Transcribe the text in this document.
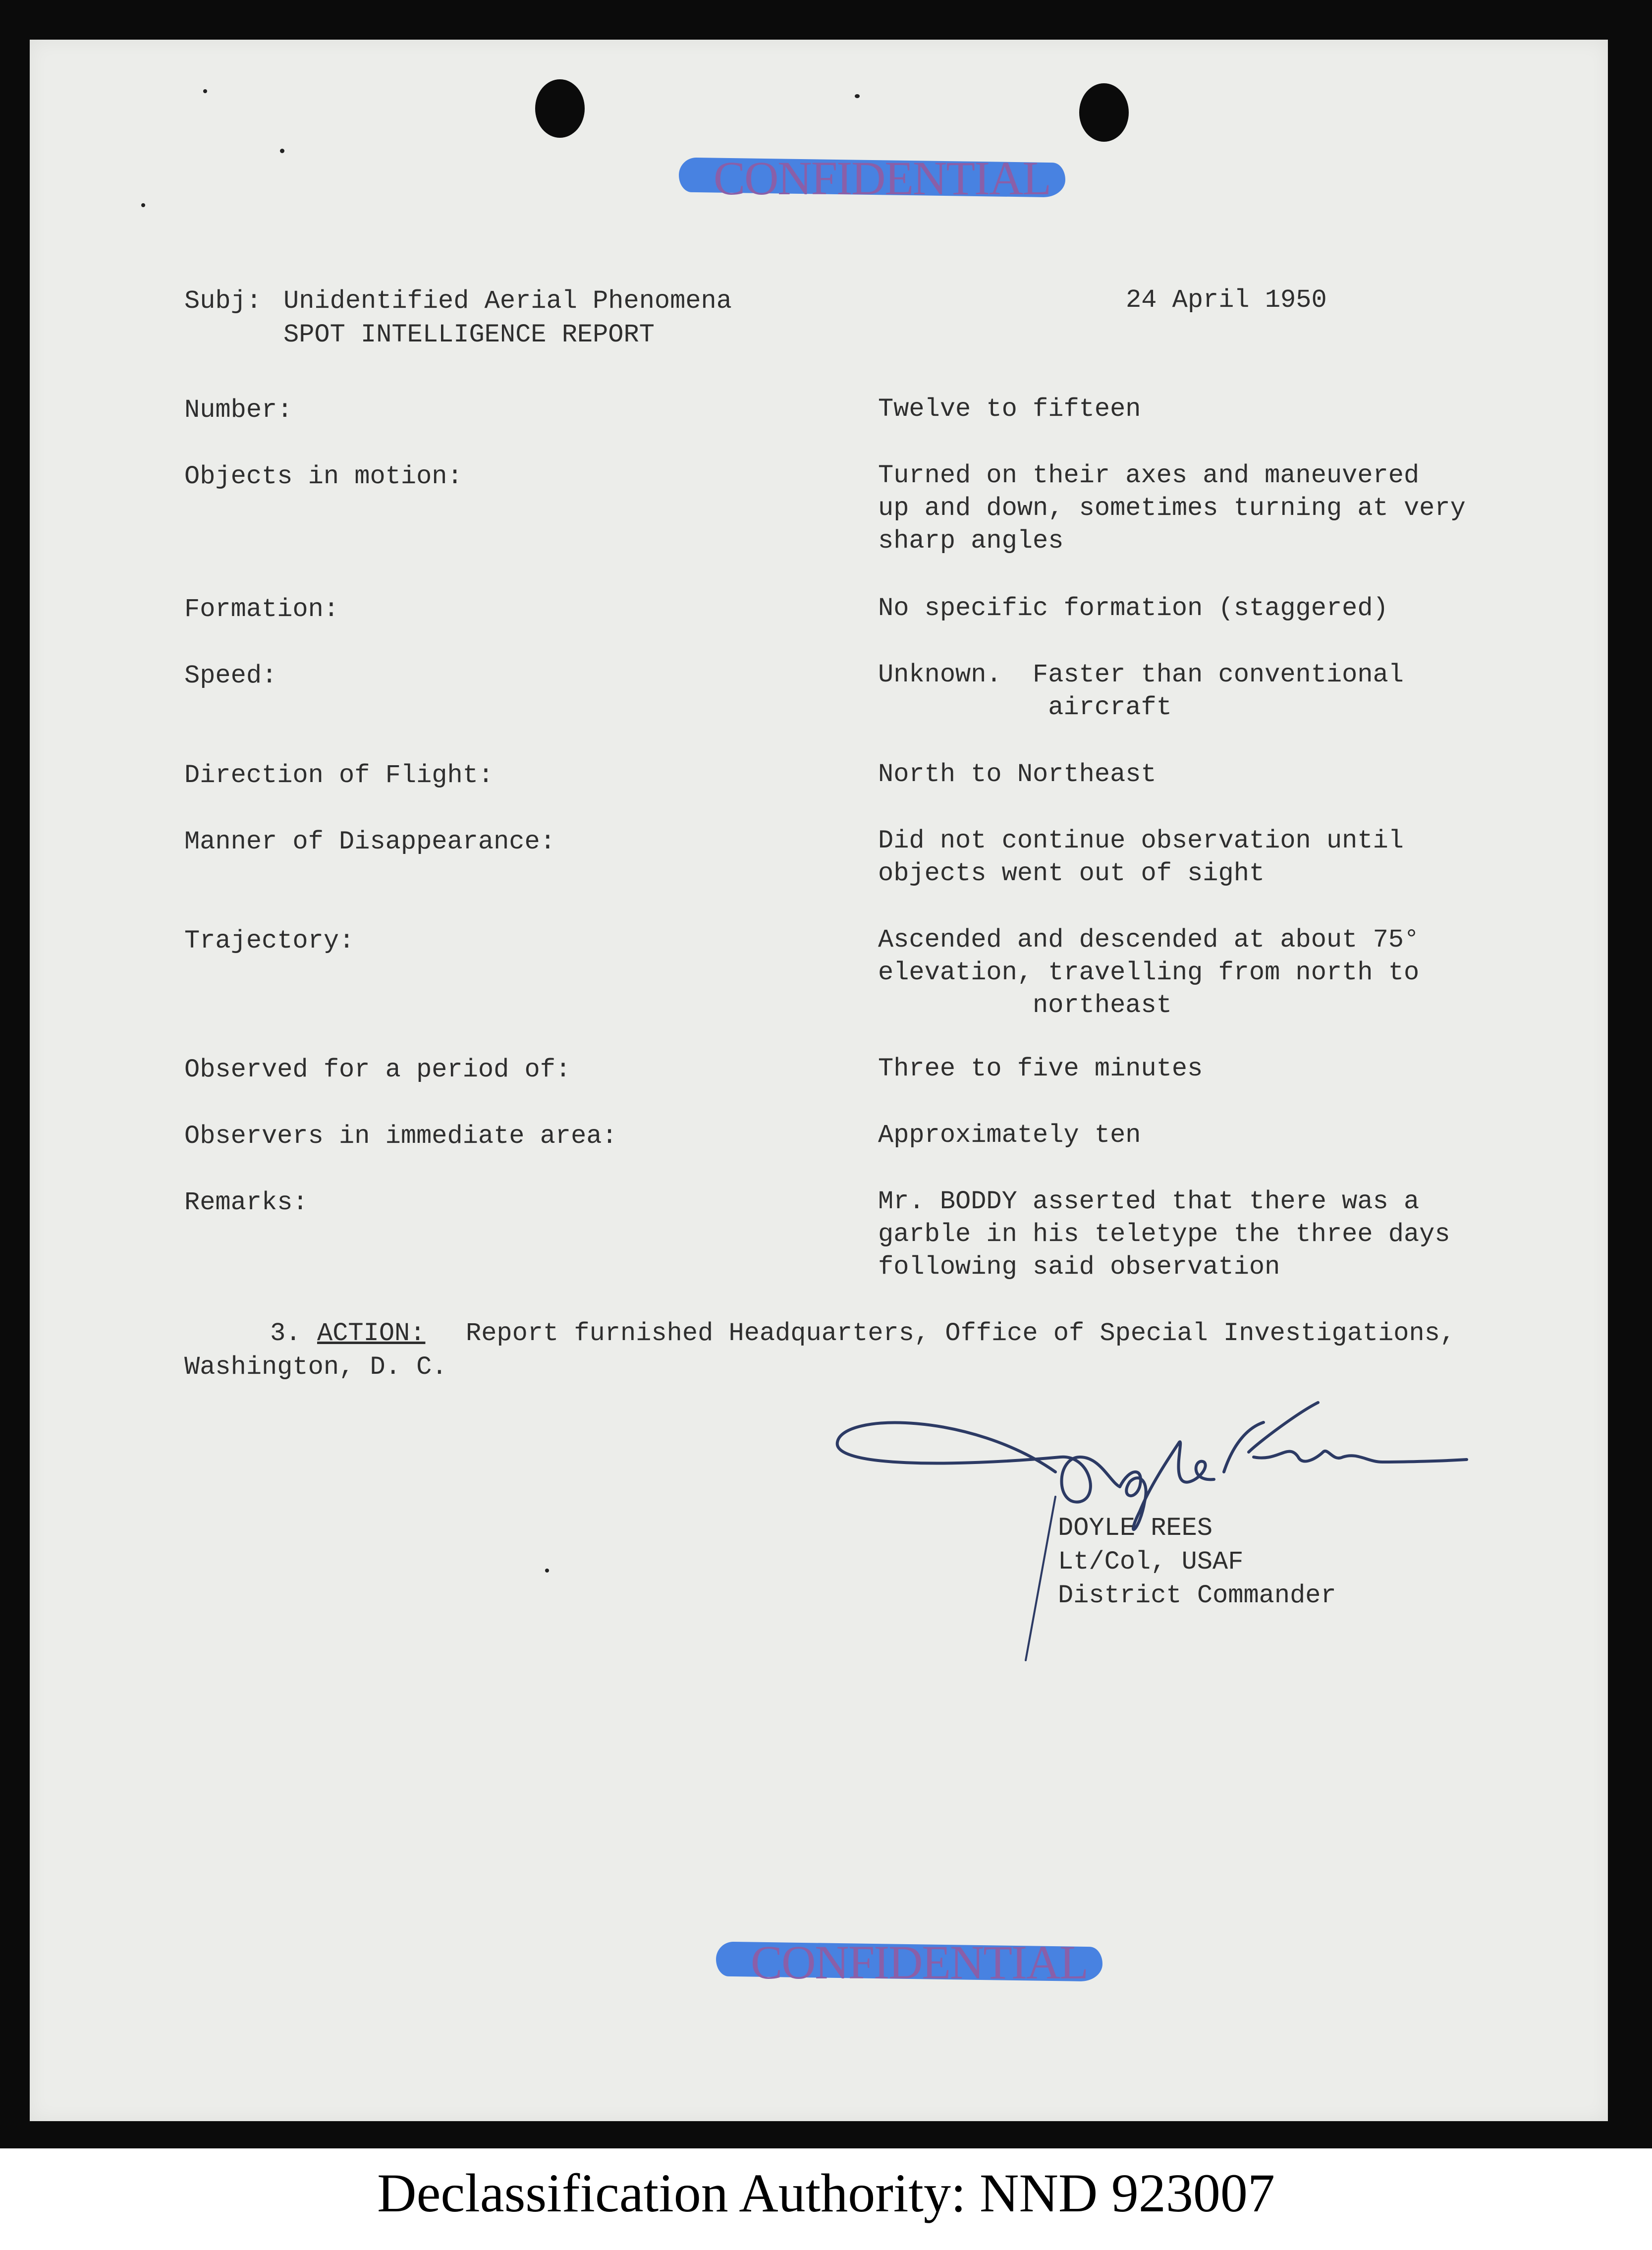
CONFIDENTIAL
Subj: Unidentified Aerial Phenomena
SPOT INTELLIGENCE REPORT
24 April 1950
Number:	Twelve to fifteen
Objects in motion:	Turned on their axes and maneuvered
up and down, sometimes turning at very
sharp angles
Formation:	No specific formation (staggered)
Speed:	Unknown.  Faster than conventional
aircraft
Direction of Flight:	North to Northeast
Manner of Disappearance:	Did not continue observation until
objects went out of sight
Trajectory:	Ascended and descended at about 75°
elevation, travelling from north to
northeast
Observed for a period of:	Three to five minutes
Observers in immediate area:	Approximately ten
Remarks:	Mr. BODDY asserted that there was a
garble in his teletype the three days
following said observation
3. ACTION: Report furnished Headquarters, Office of Special Investigations,
Washington, D. C.
Doyle Rees
DOYLE REES
Lt/Col, USAF
District Commander
CONFIDENTIAL
Declassification Authority: NND 923007
